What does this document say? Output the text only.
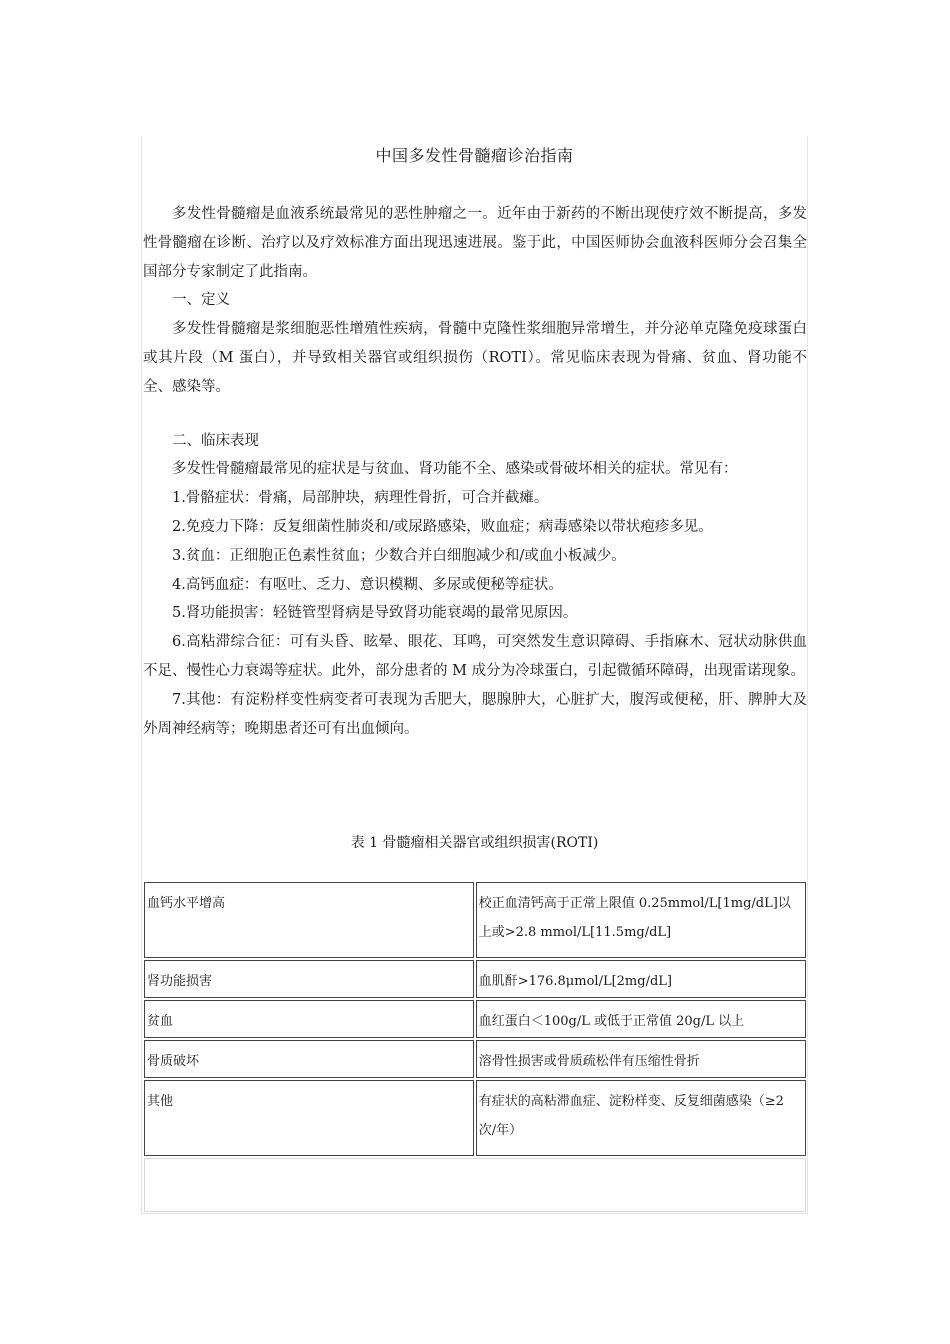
中国多发性骨髓瘤诊治指南

多发性骨髓瘤是血液系统最常见的恶性肿瘤之一。近年由于新药的不断出现使疗效不断提高，多发性骨髓瘤在诊断、治疗以及疗效标准方面出现迅速进展。鉴于此，中国医师协会血液科医师分会召集全国部分专家制定了此指南。

一、定义

多发性骨髓瘤是浆细胞恶性增殖性疾病，骨髓中克隆性浆细胞异常增生，并分泌单克隆免疫球蛋白或其片段（M 蛋白），并导致相关器官或组织损伤（ROTI）。常见临床表现为骨痛、贫血、肾功能不全、感染等。

二、临床表现

多发性骨髓瘤最常见的症状是与贫血、肾功能不全、感染或骨破坏相关的症状。常见有：

1.骨骼症状：骨痛，局部肿块，病理性骨折，可合并截瘫。

2.免疫力下降：反复细菌性肺炎和/或尿路感染，败血症；病毒感染以带状疱疹多见。

3.贫血：正细胞正色素性贫血；少数合并白细胞减少和/或血小板减少。

4.高钙血症：有呕吐、乏力、意识模糊、多尿或便秘等症状。

5.肾功能损害：轻链管型肾病是导致肾功能衰竭的最常见原因。

6.高粘滞综合征：可有头昏、眩晕、眼花、耳鸣，可突然发生意识障碍、手指麻木、冠状动脉供血不足、慢性心力衰竭等症状。此外，部分患者的 M 成分为冷球蛋白，引起微循环障碍，出现雷诺现象。

7.其他：有淀粉样变性病变者可表现为舌肥大，腮腺肿大，心脏扩大，腹泻或便秘，肝、脾肿大及外周神经病等；晚期患者还可有出血倾向。

表 1 骨髓瘤相关器官或组织损害(ROTI)
血钙水平增高	校正血清钙高于正常上限值 0.25mmol/L[1mg/dL]以上或>2.8 mmol/L[11.5mg/dL]
肾功能损害	血肌酐>176.8μmol/L[2mg/dL]
贫血	血红蛋白＜100g/L 或低于正常值 20g/L 以上
骨质破坏	溶骨性损害或骨质疏松伴有压缩性骨折
其他	有症状的高粘滞血症、淀粉样变、反复细菌感染（≥2 次/年）
